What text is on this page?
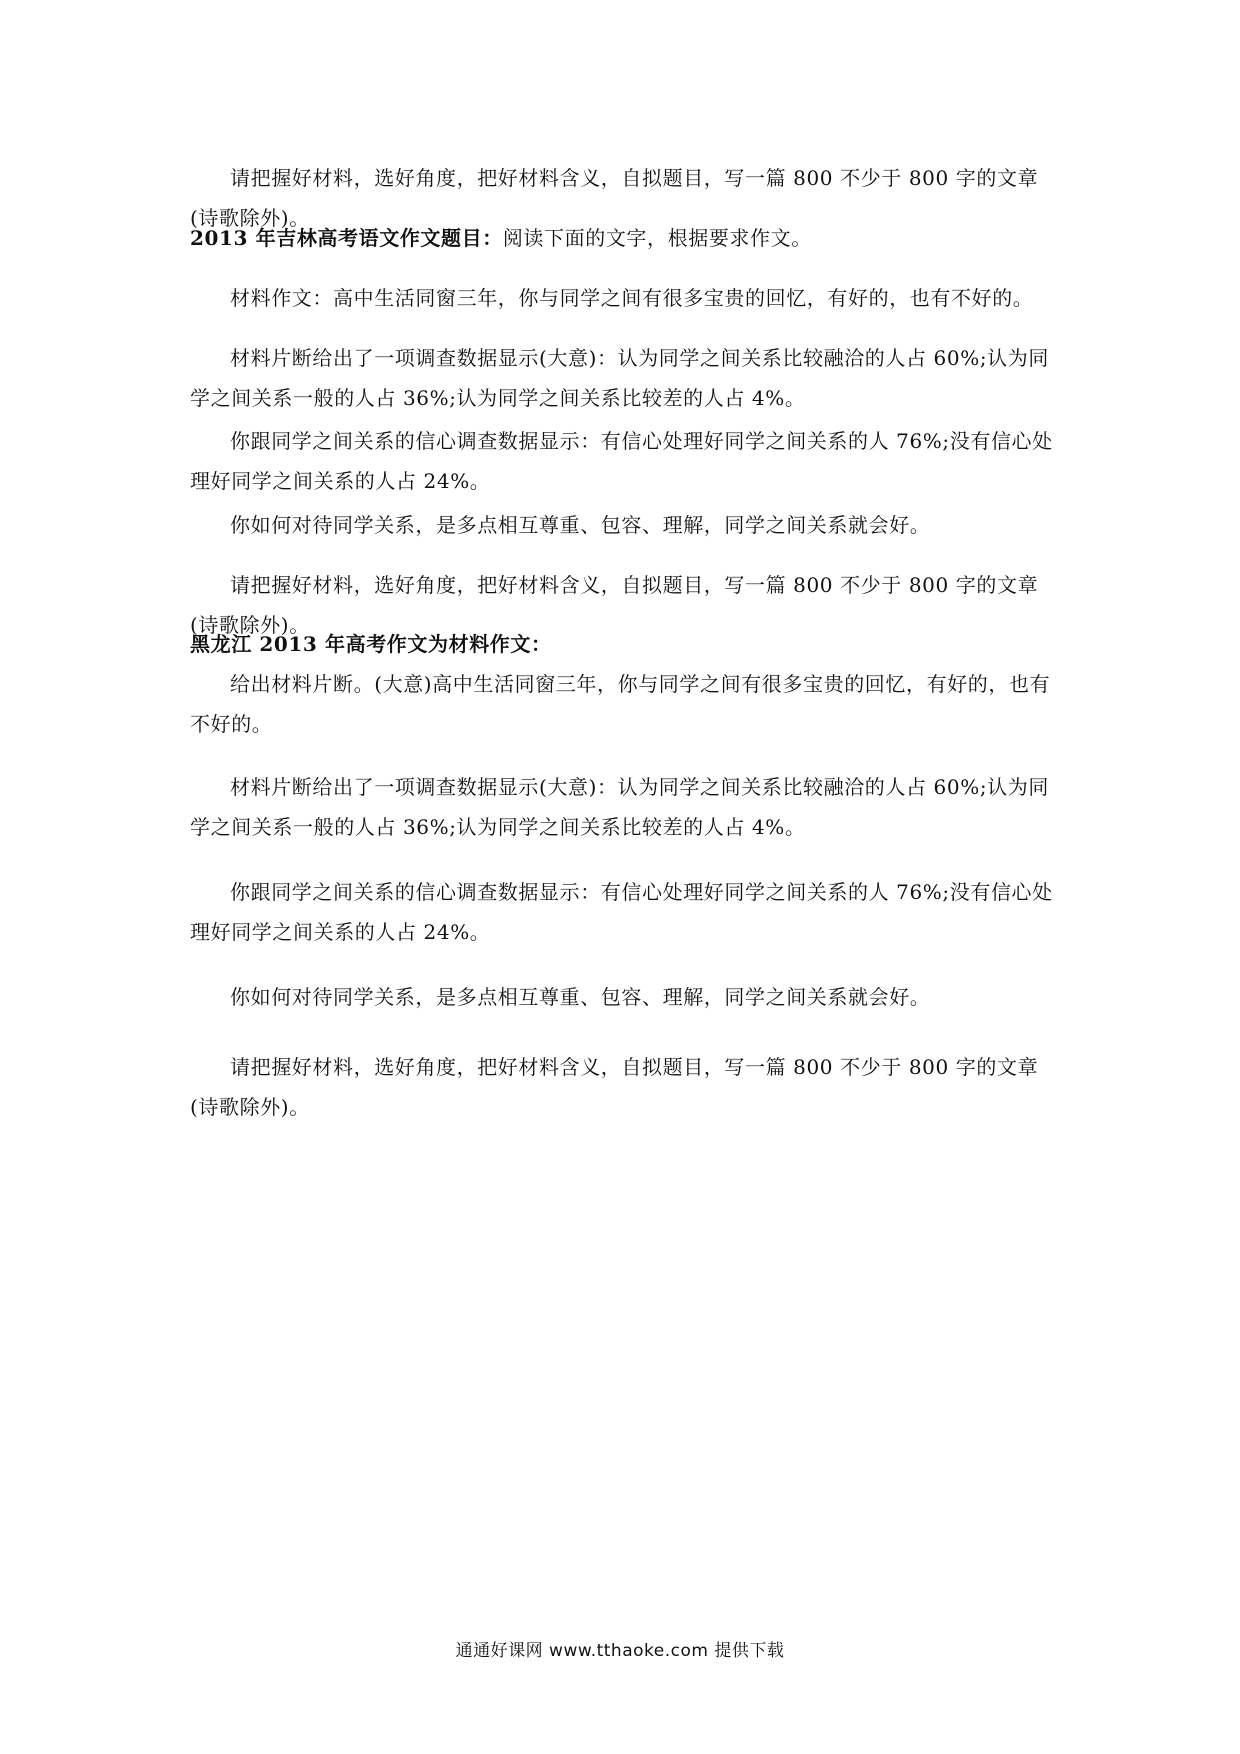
请把握好材料，选好角度，把好材料含义，自拟题目，写一篇 800 不少于 800 字的文章(诗歌除外)。

2013 年吉林高考语文作文题目：阅读下面的文字，根据要求作文。

材料作文：高中生活同窗三年，你与同学之间有很多宝贵的回忆，有好的，也有不好的。

材料片断给出了一项调查数据显示(大意)：认为同学之间关系比较融洽的人占 60%;认为同学之间关系一般的人占 36%;认为同学之间关系比较差的人占 4%。

你跟同学之间关系的信心调查数据显示：有信心处理好同学之间关系的人 76%;没有信心处理好同学之间关系的人占 24%。

你如何对待同学关系，是多点相互尊重、包容、理解，同学之间关系就会好。

请把握好材料，选好角度，把好材料含义，自拟题目，写一篇 800 不少于 800 字的文章(诗歌除外)。

黑龙江 2013 年高考作文为材料作文：

给出材料片断。(大意)高中生活同窗三年，你与同学之间有很多宝贵的回忆，有好的，也有不好的。

材料片断给出了一项调查数据显示(大意)：认为同学之间关系比较融洽的人占 60%;认为同学之间关系一般的人占 36%;认为同学之间关系比较差的人占 4%。

你跟同学之间关系的信心调查数据显示：有信心处理好同学之间关系的人 76%;没有信心处理好同学之间关系的人占 24%。

你如何对待同学关系，是多点相互尊重、包容、理解，同学之间关系就会好。

请把握好材料，选好角度，把好材料含义，自拟题目，写一篇 800 不少于 800 字的文章(诗歌除外)。

通通好课网 www.tthaoke.com 提供下载
